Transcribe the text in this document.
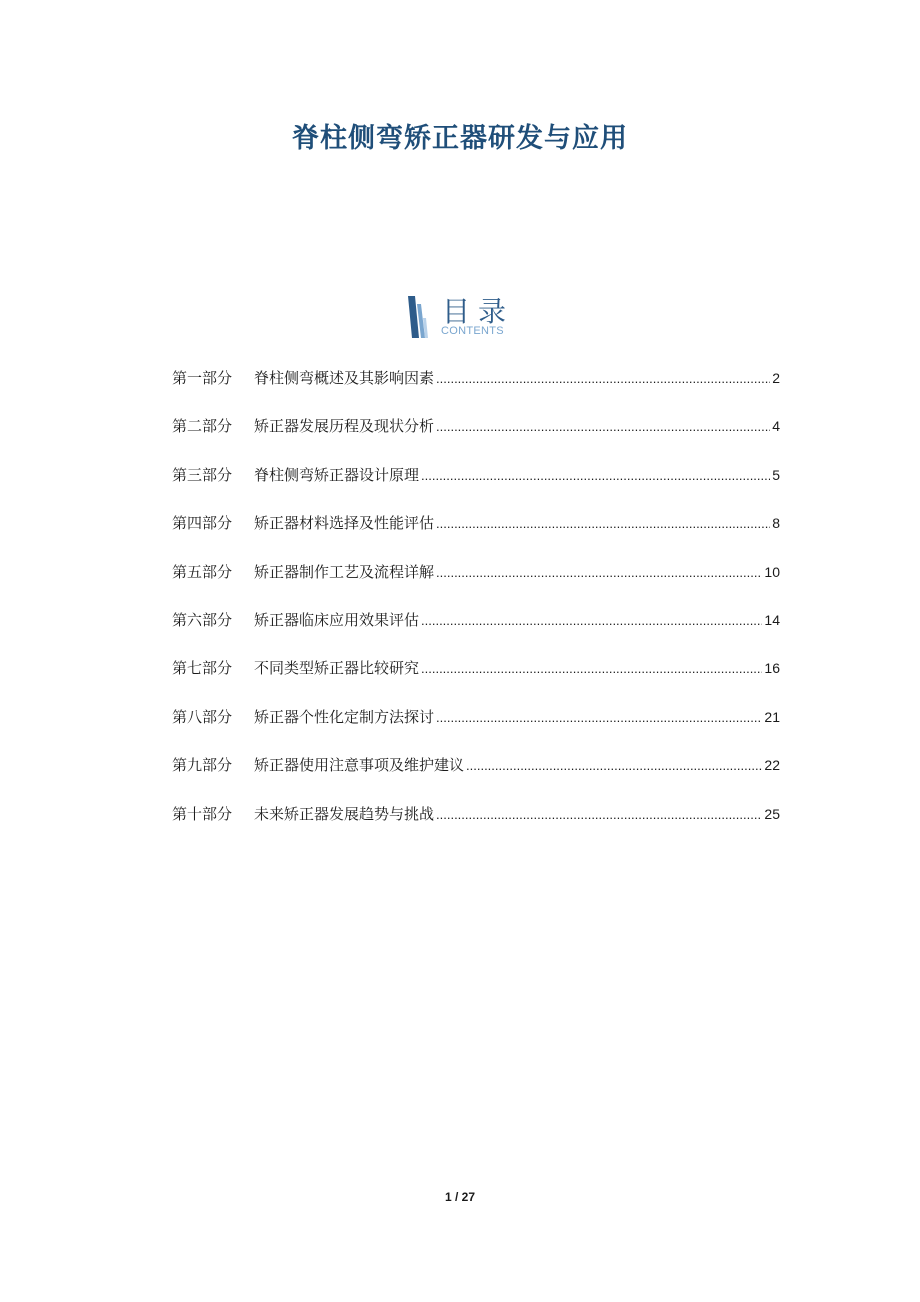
脊柱侧弯矫正器研发与应用
目录
CONTENTS
第一部分	脊柱侧弯概述及其影响因素 .....	2
第二部分	矫正器发展历程及现状分析 .....	4
第三部分	脊柱侧弯矫正器设计原理 .....	5
第四部分	矫正器材料选择及性能评估 .....	8
第五部分	矫正器制作工艺及流程详解 .....	10
第六部分	矫正器临床应用效果评估 .....	14
第七部分	不同类型矫正器比较研究 .....	16
第八部分	矫正器个性化定制方法探讨 .....	21
第九部分	矫正器使用注意事项及维护建议 .....	22
第十部分	未来矫正器发展趋势与挑战 .....	25
1 / 27
